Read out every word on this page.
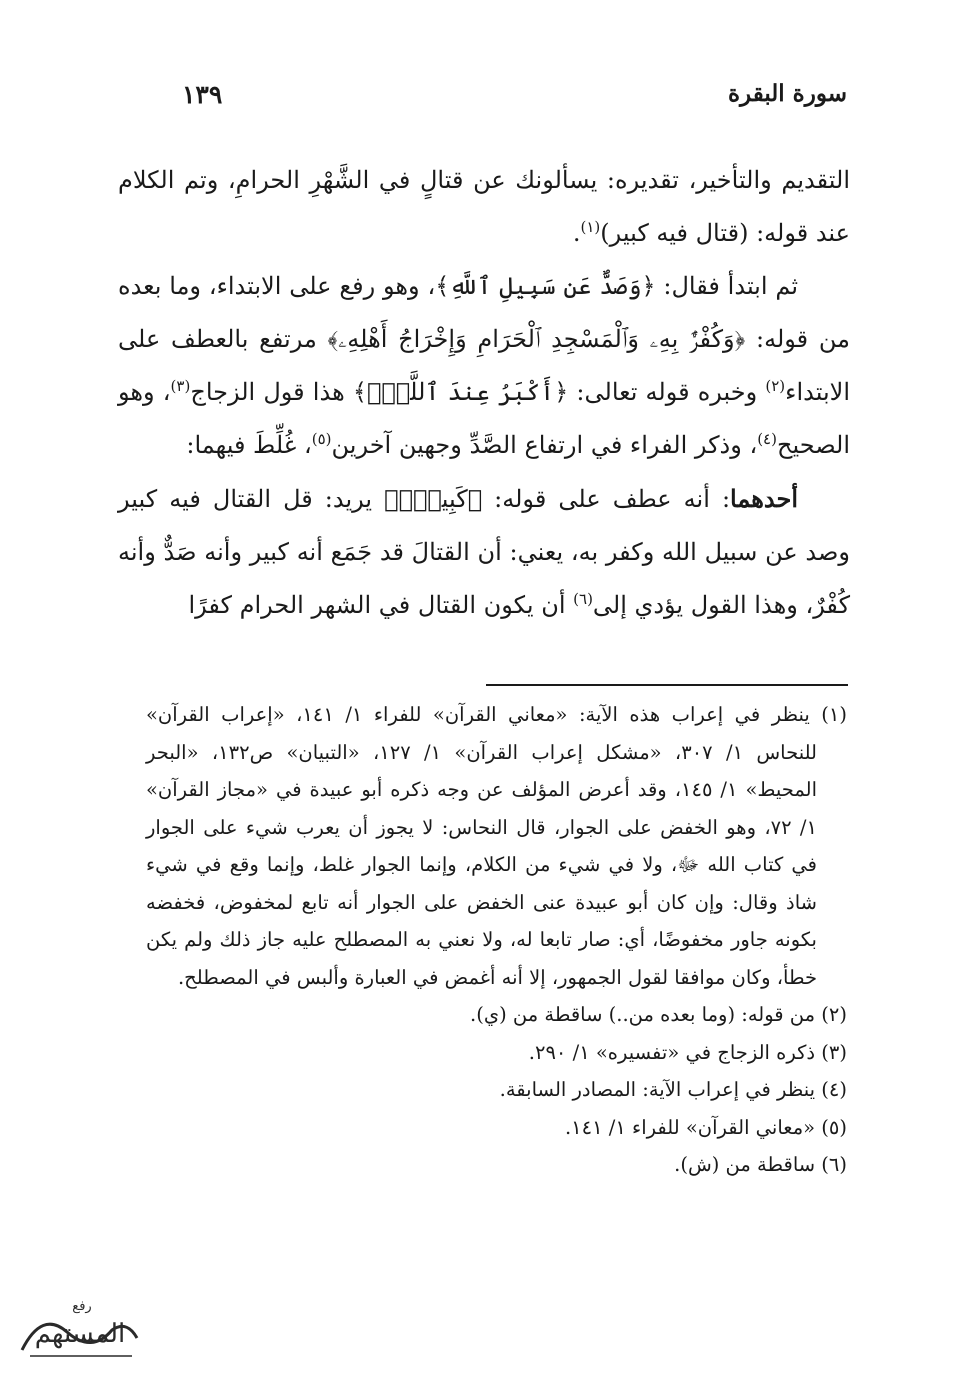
سورة البقرة
١٣٩

التقديم والتأخير، تقديره: يسألونك عن قتالٍ في الشَّهْرِ الحرامِ، وتم الكلام عند قوله: (قتال فيه كبير)$^{(١)}$.

ثم ابتدأ فقال: ﴿وَصَدٌّ عَن سَبِيلِ ٱللَّهِ﴾، وهو رفع على الابتداء، وما بعده من قوله: ﴿وَكُفْرٌۢ بِهِۦ وَٱلْمَسْجِدِ ٱلْحَرَامِ وَإِخْرَاجُ أَهْلِهِۦ﴾ مرتفع بالعطف على الابتداء$^{(٢)}$ وخبره قوله تعالى: ﴿أَكْبَرُ عِندَ ٱللَّهِۚ﴾ هذا قول الزجاج$^{(٣)}$، وهو الصحيح$^{(٤)}$، وذكر الفراء في ارتفاع الصَّدِّ وجهين آخرين$^{(٥)}$، غُلِّطَ فيهما:

أحدهما: أنه عطف على قوله: ﴿كَبِيرٌۖ﴾ يريد: قل القتال فيه كبير وصد عن سبيل الله وكفر به، يعني: أن القتالَ قد جَمَع أنه كبير وأنه صَدٌّ وأنه كُفْرٌ، وهذا القول يؤدي إلى$^{(٦)}$ أن يكون القتال في الشهر الحرام كفرًا

(١) ينظر في إعراب هذه الآية: «معاني القرآن» للفراء ١/ ١٤١، «إعراب القرآن» للنحاس ١/ ٣٠٧، «مشكل إعراب القرآن» ١/ ١٢٧، «التبيان» ص١٣٢، «البحر المحيط» ١/ ١٤٥، وقد أعرض المؤلف عن وجه ذكره أبو عبيدة في «مجاز القرآن» ١/ ٧٢، وهو الخفض على الجوار، قال النحاس: لا يجوز أن يعرب شيء على الجوار في كتاب الله ﷻ، ولا في شيء من الكلام، وإنما الجوار غلط، وإنما وقع في شيء شاذ وقال: وإن كان أبو عبيدة عنى الخفض على الجوار أنه تابع لمخفوض، فخفضه بكونه جاور مخفوضًا، أي: صار تابعا له، ولا نعني به المصطلح عليه جاز ذلك ولم يكن خطأ، وكان موافقا لقول الجمهور، إلا أنه أغمض في العبارة وألبس في المصطلح.

(٢) من قوله: (وما بعده من..) ساقطة من (ي).

(٣) ذكره الزجاج في «تفسيره» ١/ ٢٩٠.

(٤) ينظر في إعراب الآية: المصادر السابقة.

(٥) «معاني القرآن» للفراء ١/ ١٤١.

(٦) ساقطة من (ش).

رفع
المستهم
